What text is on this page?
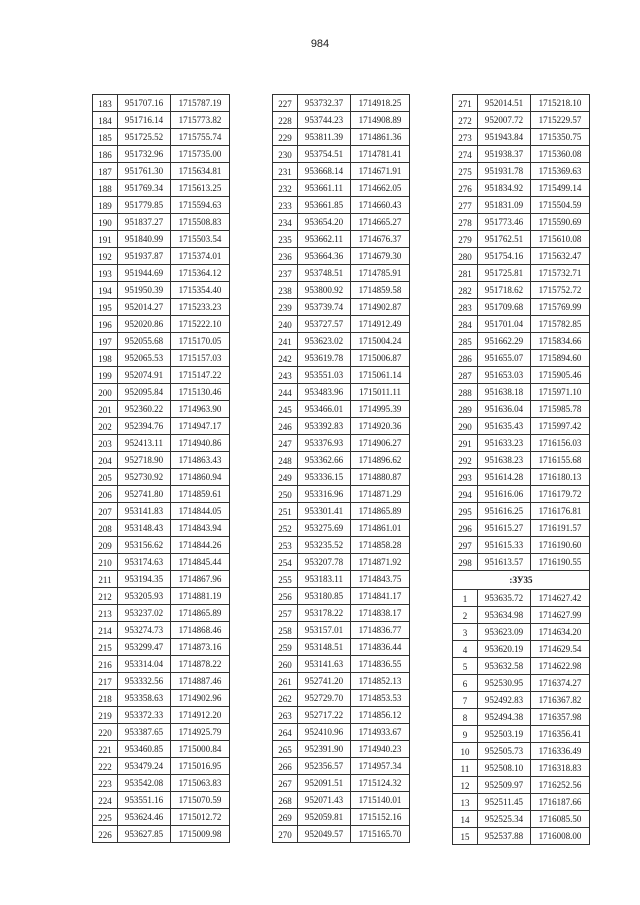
984
183	951707.16	1715787.19
184	951716.14	1715773.82
185	951725.52	1715755.74
186	951732.96	1715735.00
187	951761.30	1715634.81
188	951769.34	1715613.25
189	951779.85	1715594.63
190	951837.27	1715508.83
191	951840.99	1715503.54
192	951937.87	1715374.01
193	951944.69	1715364.12
194	951950.39	1715354.40
195	952014.27	1715233.23
196	952020.86	1715222.10
197	952055.68	1715170.05
198	952065.53	1715157.03
199	952074.91	1715147.22
200	952095.84	1715130.46
201	952360.22	1714963.90
202	952394.76	1714947.17
203	952413.11	1714940.86
204	952718.90	1714863.43
205	952730.92	1714860.94
206	952741.80	1714859.61
207	953141.83	1714844.05
208	953148.43	1714843.94
209	953156.62	1714844.26
210	953174.63	1714845.44
211	953194.35	1714867.96
212	953205.93	1714881.19
213	953237.02	1714865.89
214	953274.73	1714868.46
215	953299.47	1714873.16
216	953314.04	1714878.22
217	953332.56	1714887.46
218	953358.63	1714902.96
219	953372.33	1714912.20
220	953387.65	1714925.79
221	953460.85	1715000.84
222	953479.24	1715016.95
223	953542.08	1715063.83
224	953551.16	1715070.59
225	953624.46	1715012.72
226	953627.85	1715009.98
227	953732.37	1714918.25
228	953744.23	1714908.89
229	953811.39	1714861.36
230	953754.51	1714781.41
231	953668.14	1714671.91
232	953661.11	1714662.05
233	953661.85	1714660.43
234	953654.20	1714665.27
235	953662.11	1714676.37
236	953664.36	1714679.30
237	953748.51	1714785.91
238	953800.92	1714859.58
239	953739.74	1714902.87
240	953727.57	1714912.49
241	953623.02	1715004.24
242	953619.78	1715006.87
243	953551.03	1715061.14
244	953483.96	1715011.11
245	953466.01	1714995.39
246	953392.83	1714920.36
247	953376.93	1714906.27
248	953362.66	1714896.62
249	953336.15	1714880.87
250	953316.96	1714871.29
251	953301.41	1714865.89
252	953275.69	1714861.01
253	953235.52	1714858.28
254	953207.78	1714871.92
255	953183.11	1714843.75
256	953180.85	1714841.17
257	953178.22	1714838.17
258	953157.01	1714836.77
259	953148.51	1714836.44
260	953141.63	1714836.55
261	952741.20	1714852.13
262	952729.70	1714853.53
263	952717.22	1714856.12
264	952410.96	1714933.67
265	952391.90	1714940.23
266	952356.57	1714957.34
267	952091.51	1715124.32
268	952071.43	1715140.01
269	952059.81	1715152.16
270	952049.57	1715165.70
271	952014.51	1715218.10
272	952007.72	1715229.57
273	951943.84	1715350.75
274	951938.37	1715360.08
275	951931.78	1715369.63
276	951834.92	1715499.14
277	951831.09	1715504.59
278	951773.46	1715590.69
279	951762.51	1715610.08
280	951754.16	1715632.47
281	951725.81	1715732.71
282	951718.62	1715752.72
283	951709.68	1715769.99
284	951701.04	1715782.85
285	951662.29	1715834.66
286	951655.07	1715894.60
287	951653.03	1715905.46
288	951638.18	1715971.10
289	951636.04	1715985.78
290	951635.43	1715997.42
291	951633.23	1716156.03
292	951638.23	1716155.68
293	951614.28	1716180.13
294	951616.06	1716179.72
295	951616.25	1716176.81
296	951615.27	1716191.57
297	951615.33	1716190.60
298	951613.57	1716190.55
:ЗУ35		
1	953635.72	1714627.42
2	953634.98	1714627.99
3	953623.09	1714634.20
4	953620.19	1714629.54
5	953632.58	1714622.98
6	952530.95	1716374.27
7	952492.83	1716367.82
8	952494.38	1716357.98
9	952503.19	1716356.41
10	952505.73	1716336.49
11	952508.10	1716318.83
12	952509.97	1716252.56
13	952511.45	1716187.66
14	952525.34	1716085.50
15	952537.88	1716008.00
